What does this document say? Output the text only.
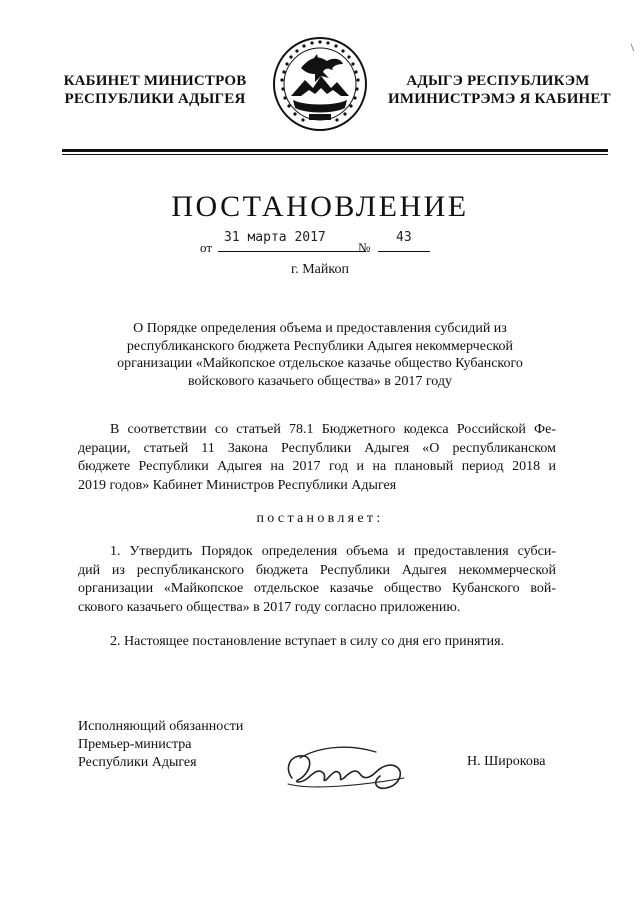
\
КАБИНЕТ МИНИСТРОВ
РЕСПУБЛИКИ АДЫГЕЯ
АДЫГЭ РЕСПУБЛИКЭМ
ИМИНИСТРЭМЭ Я КАБИНЕТ
ПОСТАНОВЛЕНИЕ
от
31 марта 2017
№
43
г. Майкоп
О Порядке определения объема и предоставления субсидий из
республиканского бюджета Республики Адыгея некоммерческой
организации «Майкопское отдельское казачье общество Кубанского
войскового казачьего общества» в 2017 году
В соответствии со статьей 78.1 Бюджетного кодекса Российской Фе-
дерации, статьей 11 Закона Республики Адыгея «О республиканском
бюджете Республики Адыгея на 2017 год и на плановый период 2018 и
2019 годов» Кабинет Министров Республики Адыгея
постановляет:
1. Утвердить Порядок определения объема и предоставления субси-
дий из республиканского бюджета Республики Адыгея некоммерческой
организации «Майкопское отдельское казачье общество Кубанского вой-
скового казачьего общества» в 2017 году согласно приложению.
2. Настоящее постановление вступает в силу со дня его принятия.
Исполняющий обязанности
Премьер-министра
Республики Адыгея	Н. Широкова
